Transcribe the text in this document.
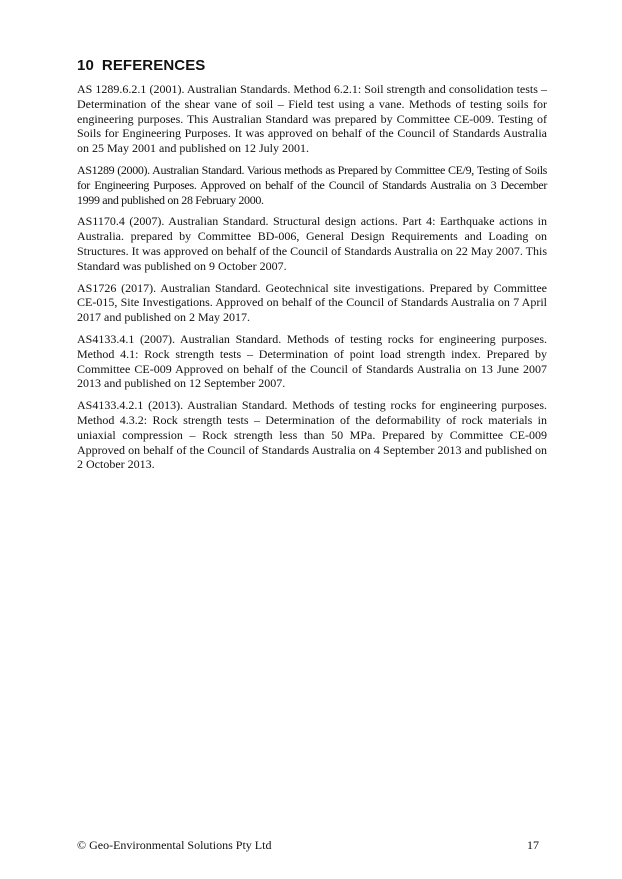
10 REFERENCES

AS 1289.6.2.1 (2001). Australian Standards. Method 6.2.1: Soil strength and consolidation tests – Determination of the shear vane of soil – Field test using a vane. Methods of testing soils for engineering purposes. This Australian Standard was prepared by Committee CE-009. Testing of Soils for Engineering Purposes. It was approved on behalf of the Council of Standards Australia on 25 May 2001 and published on 12 July 2001.

AS1289 (2000). Australian Standard. Various methods as Prepared by Committee CE/9, Testing of Soils for Engineering Purposes. Approved on behalf of the Council of Standards Australia on 3 December 1999 and published on 28 February 2000.

AS1170.4 (2007). Australian Standard. Structural design actions. Part 4: Earthquake actions in Australia. prepared by Committee BD-006, General Design Requirements and Loading on Structures. It was approved on behalf of the Council of Standards Australia on 22 May 2007. This Standard was published on 9 October 2007.

AS1726 (2017). Australian Standard. Geotechnical site investigations. Prepared by Committee CE-015, Site Investigations. Approved on behalf of the Council of Standards Australia on 7 April 2017 and published on 2 May 2017.

AS4133.4.1 (2007). Australian Standard. Methods of testing rocks for engineering purposes. Method 4.1: Rock strength tests – Determination of point load strength index. Prepared by Committee CE-009 Approved on behalf of the Council of Standards Australia on 13 June 2007 2013 and published on 12 September 2007.

AS4133.4.2.1 (2013). Australian Standard. Methods of testing rocks for engineering purposes. Method 4.3.2: Rock strength tests – Determination of the deformability of rock materials in uniaxial compression – Rock strength less than 50 MPa. Prepared by Committee CE-009 Approved on behalf of the Council of Standards Australia on 4 September 2013 and published on 2 October 2013.

© Geo-Environmental Solutions Pty Ltd	17
